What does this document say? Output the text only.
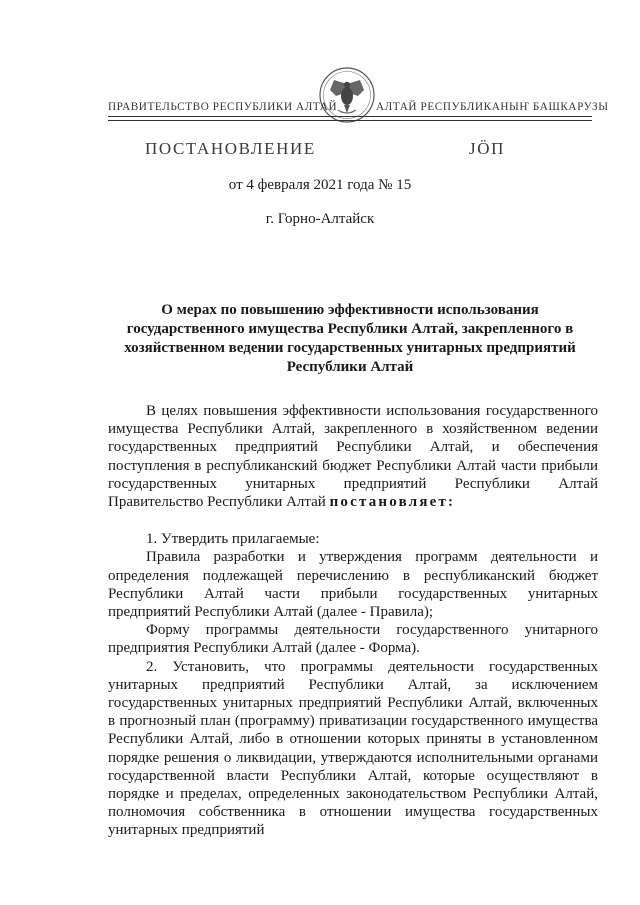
ПРАВИТЕЛЬСТВО РЕСПУБЛИКИ АЛТАЙ	АЛТАЙ РЕСПУБЛИКАНЫҤ БАШКАРУЗЫ
ПОСТАНОВЛЕНИЕ	ЈӦП
от 4 февраля 2021 года № 15
г. Горно-Алтайск
О мерах по повышению эффективности использования государственного имущества Республики Алтай, закрепленного в хозяйственном ведении государственных унитарных предприятий Республики Алтай

В целях повышения эффективности использования государственного имущества Республики Алтай, закрепленного в хозяйственном ведении государственных предприятий Республики Алтай, и обеспечения поступления в республиканский бюджет Республики Алтай части прибыли государственных унитарных предприятий Республики Алтай Правительство Республики Алтай постановляет:

1. Утвердить прилагаемые:

Правила разработки и утверждения программ деятельности и определения подлежащей перечислению в республиканский бюджет Республики Алтай части прибыли государственных унитарных предприятий Республики Алтай (далее - Правила);

Форму программы деятельности государственного унитарного предприятия Республики Алтай (далее - Форма).

2. Установить, что программы деятельности государственных унитарных предприятий Республики Алтай, за исключением государственных унитарных предприятий Республики Алтай, включенных в прогнозный план (программу) приватизации государственного имущества Республики Алтай, либо в отношении которых приняты в установленном порядке решения о ликвидации, утверждаются исполнительными органами государственной власти Республики Алтай, которые осуществляют в порядке и пределах, определенных законодательством Республики Алтай, полномочия собственника в отношении имущества государственных унитарных предприятий
